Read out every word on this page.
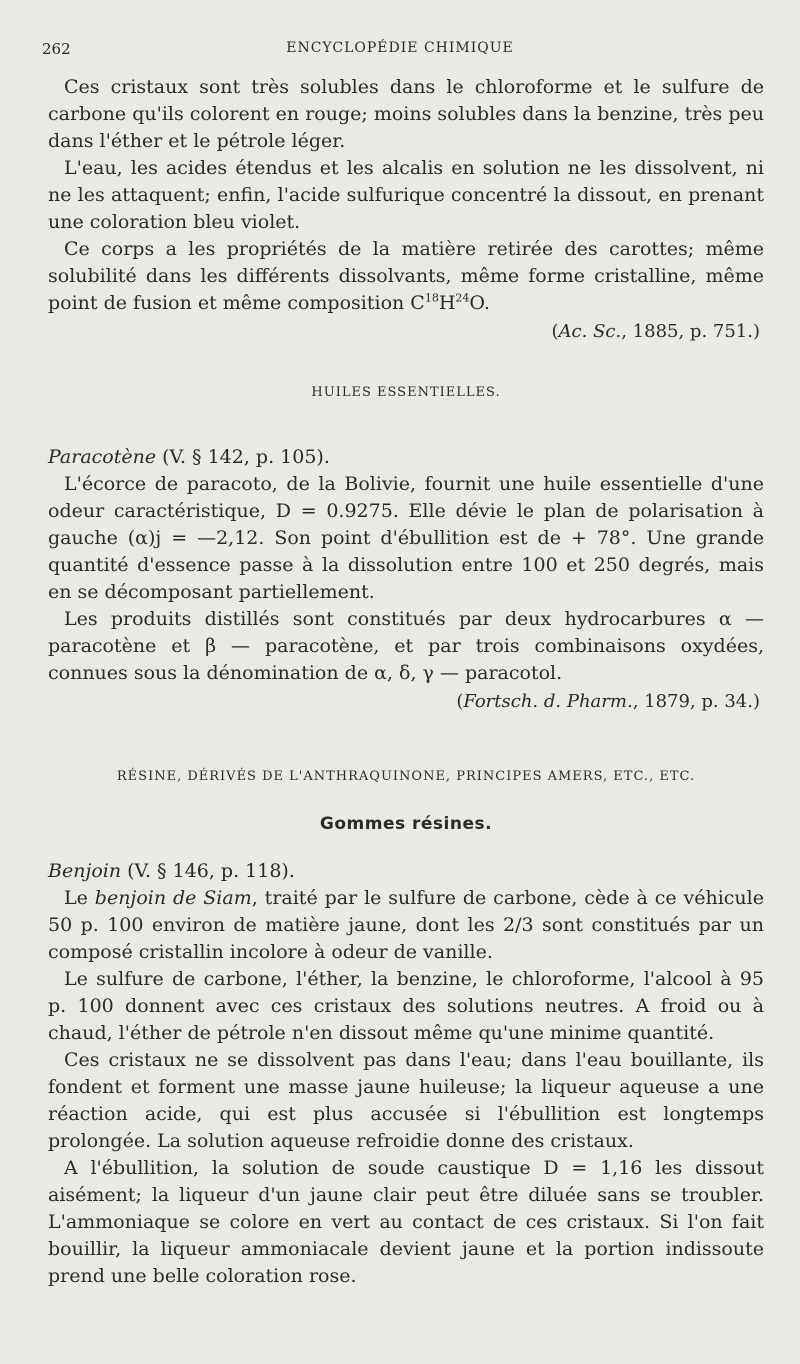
262	ENCYCLOPÉDIE CHIMIQUE

Ces cristaux sont très solubles dans le chloroforme et le sulfure de carbone qu'ils colorent en rouge; moins solubles dans la benzine, très peu dans l'éther et le pétrole léger.

L'eau, les acides étendus et les alcalis en solution ne les dissolvent, ni ne les attaquent; enfin, l'acide sulfurique concentré la dissout, en prenant une coloration bleu violet.

Ce corps a les propriétés de la matière retirée des carottes; même solubilité dans les différents dissolvants, même forme cristalline, même point de fusion et même composition $C^{18}H^{24}O$.

(Ac. Sc., 1885, p. 751.)
HUILES ESSENTIELLES.

Paracotène (V. § 142, p. 105).

L'écorce de paracoto, de la Bolivie, fournit une huile essentielle d'une odeur caractéristique, D = 0.9275. Elle dévie le plan de polarisation à gauche (α)j = —2,12. Son point d'ébullition est de + 78°. Une grande quantité d'essence passe à la dissolution entre 100 et 250 degrés, mais en se décomposant partiellement.

Les produits distillés sont constitués par deux hydrocarbures α — paracotène et β — paracotène, et par trois combinaisons oxydées, connues sous la dénomination de α, δ, γ — paracotol.

(Fortsch. d. Pharm., 1879, p. 34.)
RÉSINE, DÉRIVÉS DE L'ANTHRAQUINONE, PRINCIPES AMERS, ETC., ETC.
Gommes résines.

Benjoin (V. § 146, p. 118).

Le benjoin de Siam, traité par le sulfure de carbone, cède à ce véhicule 50 p. 100 environ de matière jaune, dont les 2/3 sont constitués par un composé cristallin incolore à odeur de vanille.

Le sulfure de carbone, l'éther, la benzine, le chloroforme, l'alcool à 95 p. 100 donnent avec ces cristaux des solutions neutres. A froid ou à chaud, l'éther de pétrole n'en dissout même qu'une minime quantité.

Ces cristaux ne se dissolvent pas dans l'eau; dans l'eau bouillante, ils fondent et forment une masse jaune huileuse; la liqueur aqueuse a une réaction acide, qui est plus accusée si l'ébullition est longtemps prolongée. La solution aqueuse refroidie donne des cristaux.

A l'ébullition, la solution de soude caustique D = 1,16 les dissout aisément; la liqueur d'un jaune clair peut être diluée sans se troubler. L'ammoniaque se colore en vert au contact de ces cristaux. Si l'on fait bouillir, la liqueur ammoniacale devient jaune et la portion indissoute prend une belle coloration rose.
